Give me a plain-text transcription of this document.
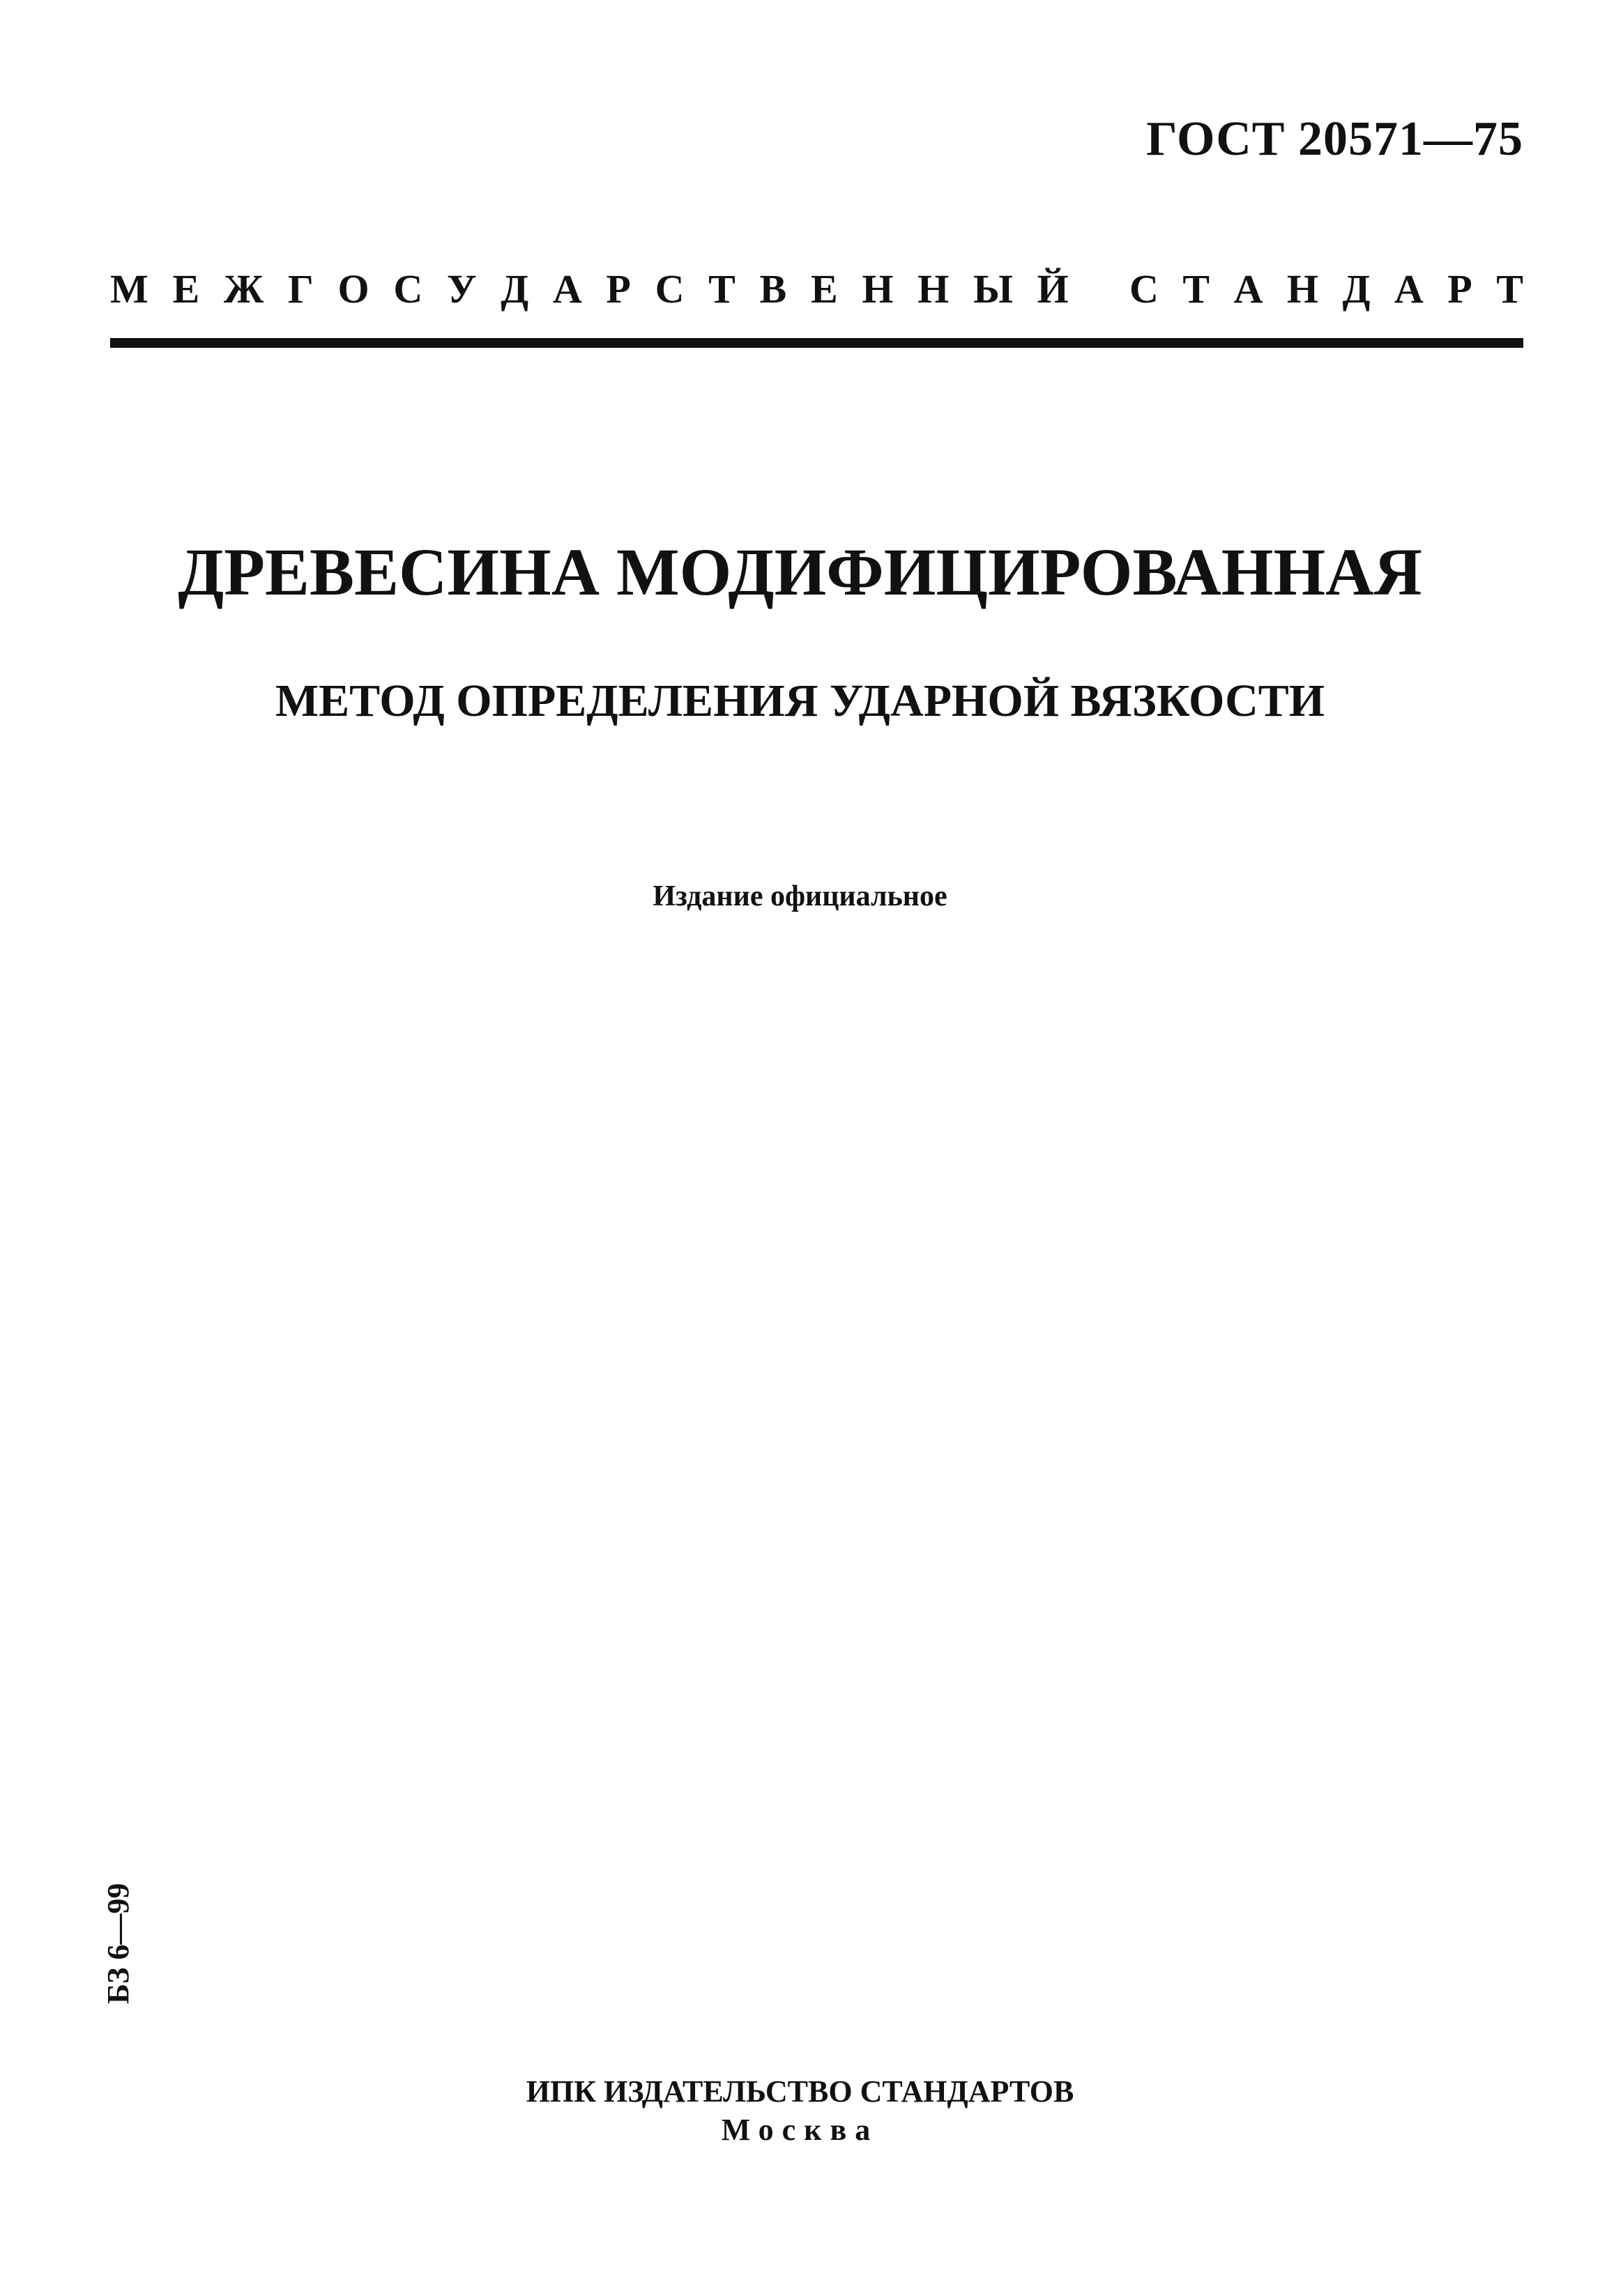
ГОСТ 20571—75
М Е Ж Г О С У Д А Р С Т В Е Н Н Ы Й С Т А Н Д А Р Т
ДРЕВЕСИНА МОДИФИЦИРОВАННАЯ
МЕТОД ОПРЕДЕЛЕНИЯ УДАРНОЙ ВЯЗКОСТИ
Издание официальное
БЗ 6—99
ИПК ИЗДАТЕЛЬСТВО СТАНДАРТОВ
Москва
